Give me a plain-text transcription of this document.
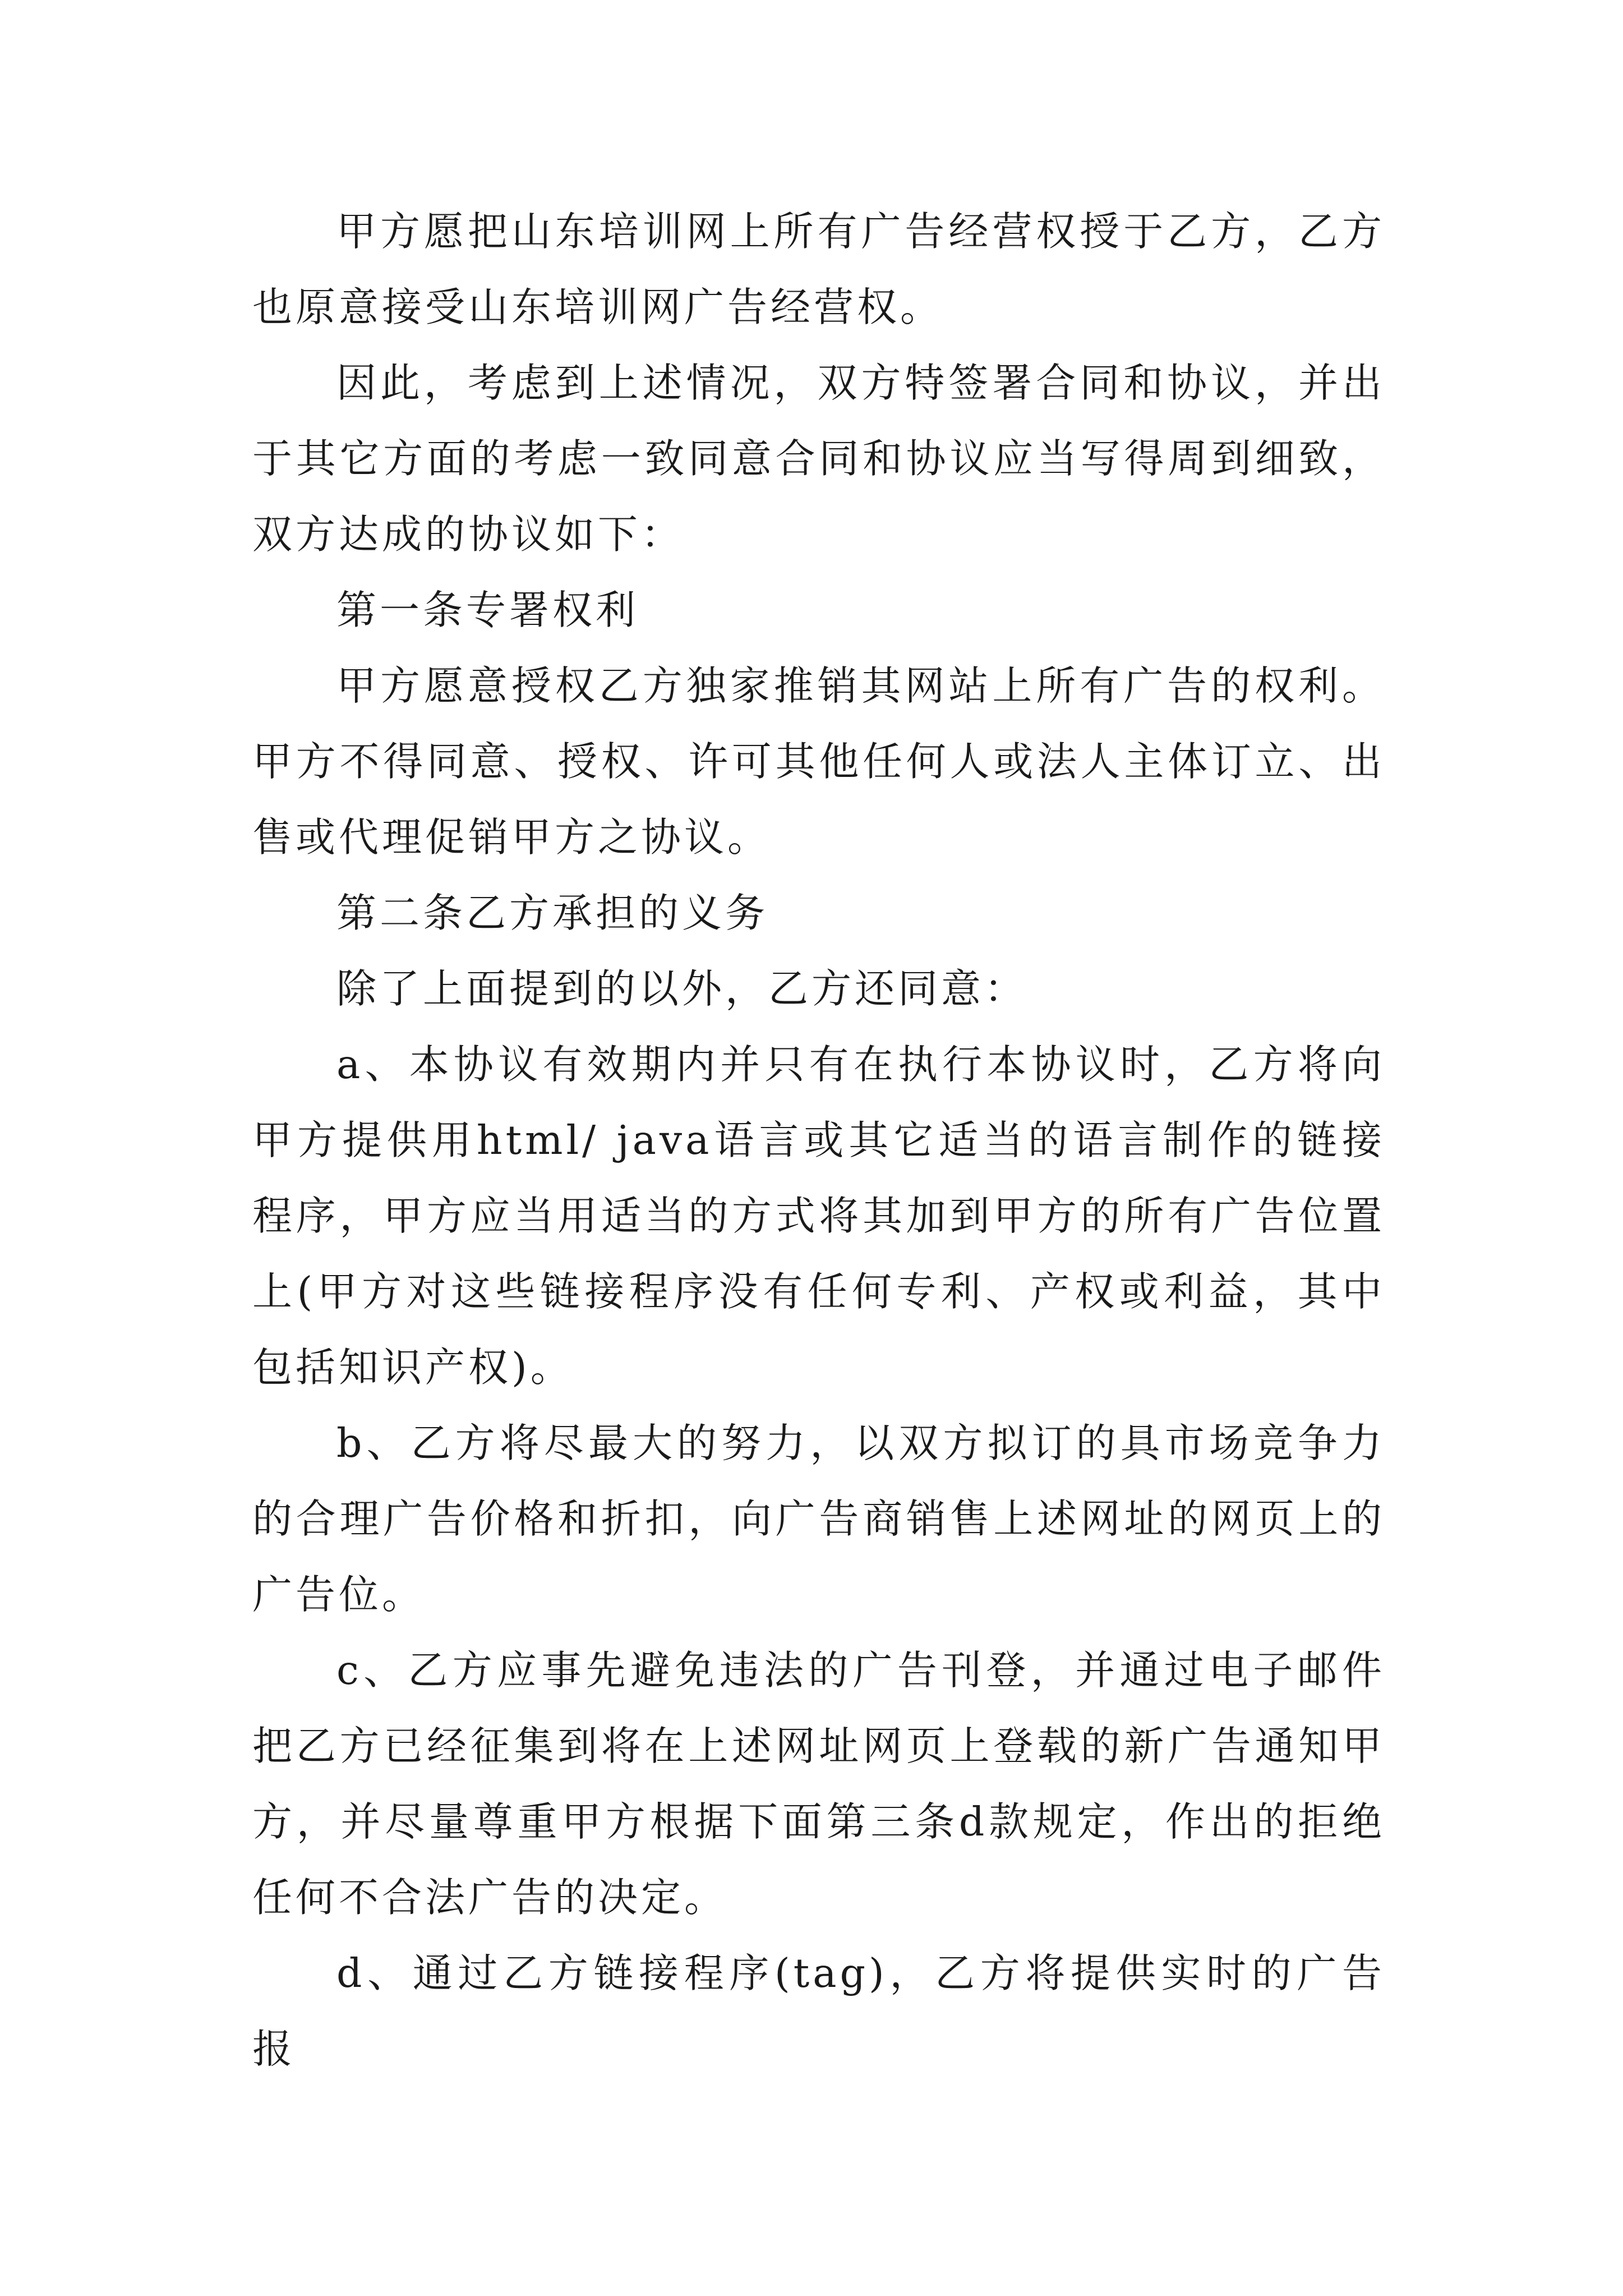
甲方愿把山东培训网上所有广告经营权授于乙方，乙方也原意接受山东培训网广告经营权。

因此，考虑到上述情况，双方特签署合同和协议，并出于其它方面的考虑一致同意合同和协议应当写得周到细致，双方达成的协议如下：

第一条专署权利

甲方愿意授权乙方独家推销其网站上所有广告的权利。甲方不得同意、授权、许可其他任何人或法人主体订立、出售或代理促销甲方之协议。

第二条乙方承担的义务

除了上面提到的以外，乙方还同意：

a、本协议有效期内并只有在执行本协议时，乙方将向甲方提供用html/ java语言或其它适当的语言制作的链接程序，甲方应当用适当的方式将其加到甲方的所有广告位置上(甲方对这些链接程序没有任何专利、产权或利益，其中包括知识产权)。

b、乙方将尽最大的努力，以双方拟订的具市场竞争力的合理广告价格和折扣，向广告商销售上述网址的网页上的广告位。

c、乙方应事先避免违法的广告刊登，并通过电子邮件把乙方已经征集到将在上述网址网页上登载的新广告通知甲方，并尽量尊重甲方根据下面第三条d款规定，作出的拒绝任何不合法广告的决定。

d、通过乙方链接程序(tag)，乙方将提供实时的广告报
